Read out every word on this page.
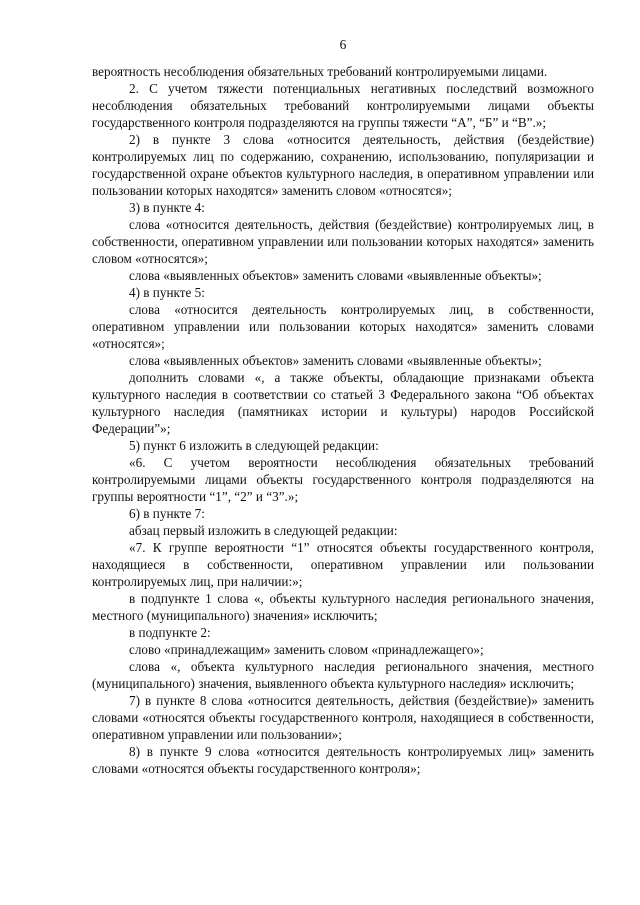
6

вероятность несоблюдения обязательных требований контролируемыми лицами.

2. С учетом тяжести потенциальных негативных последствий возможного несоблюдения обязательных требований контролируемыми лицами объекты государственного контроля подразделяются на группы тяжести “А”, “Б” и “В”.»;

2) в пункте 3 слова «относится деятельность, действия (бездействие) контролируемых лиц по содержанию, сохранению, использованию, популяризации и государственной охране объектов культурного наследия, в оперативном управлении или пользовании которых находятся» заменить словом «относятся»;

3) в пункте 4:

слова «относится деятельность, действия (бездействие) контролируемых лиц, в собственности, оперативном управлении или пользовании которых находятся» заменить словом «относятся»;

слова «выявленных объектов» заменить словами «выявленные объекты»;

4) в пункте 5:

слова «относится деятельность контролируемых лиц, в собственности, оперативном управлении или пользовании которых находятся» заменить словами «относятся»;

слова «выявленных объектов» заменить словами «выявленные объекты»;

дополнить словами «, а также объекты, обладающие признаками объекта культурного наследия в соответствии со статьей 3 Федерального закона “Об объектах культурного наследия (памятниках истории и культуры) народов Российской Федерации”»;

5) пункт 6 изложить в следующей редакции:

«6. С учетом вероятности несоблюдения обязательных требований контролируемыми лицами объекты государственного контроля подразделяются на группы вероятности “1”, “2” и “3”.»;

6) в пункте 7:

абзац первый изложить в следующей редакции:

«7. К группе вероятности “1” относятся объекты государственного контроля, находящиеся в собственности, оперативном управлении или пользовании контролируемых лиц, при наличии:»;

в подпункте 1 слова «, объекты культурного наследия регионального значения, местного (муниципального) значения» исключить;

в подпункте 2:

слово «принадлежащим» заменить словом «принадлежащего»;

слова «, объекта культурного наследия регионального значения, местного (муниципального) значения, выявленного объекта культурного наследия» исключить;

7) в пункте 8 слова «относится деятельность, действия (бездействие)» заменить словами «относятся объекты государственного контроля, находящиеся в собственности, оперативном управлении или пользовании»;

8) в пункте 9 слова «относится деятельность контролируемых лиц» заменить словами «относятся объекты государственного контроля»;
